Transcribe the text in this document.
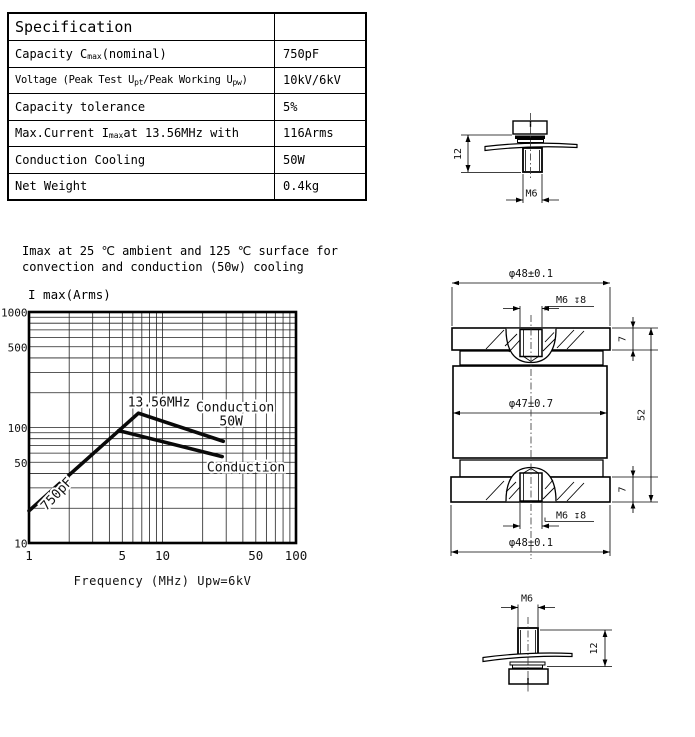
Specification
Capacity $C_{max}$ (nominal)	750pF
Voltage (Peak Test $U_{pt}$ /Peak Working $U_{pw}$ )	10kV/6kV
Capacity tolerance	5%
Max.Current $I_{max}$ at 13.56MHz with	116Arms
Conduction Cooling	50W
Net Weight	0.4kg
Imax at 25 ℃ ambient and 125 ℃ surface for
convection and conduction (50w) cooling
I max(Arms)
1	5 10	50 100
10
50
100
500
1000
13.56MHz Conduction
50W
Conduction
750pF
Frequency (MHz) Upw=6kV
12
M6
φ48±0.1
M6 ↧8
φ47±0.7
φ48±0.1
M6 ↧8
7
52
7
M6
12
